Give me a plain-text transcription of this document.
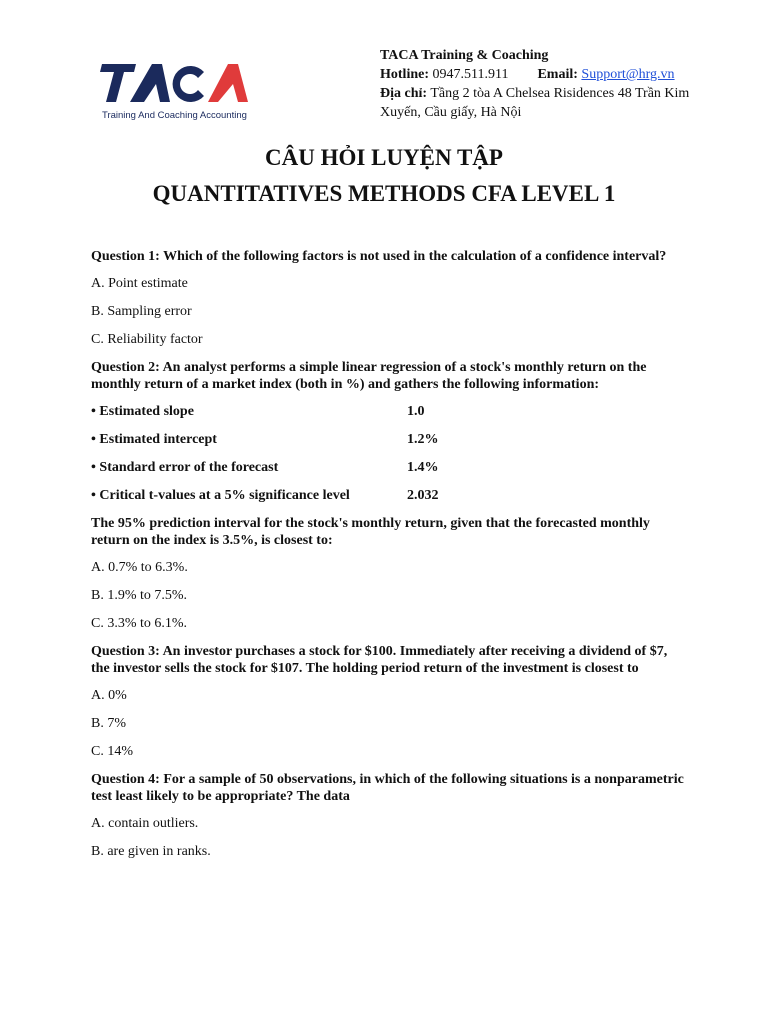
Training And Coaching Accounting
TACA Training & Coaching
Hotline: 0947.511.911 Email: Support@hrg.vn
Địa chỉ: Tầng 2 tòa A Chelsea Risidences 48 Trần Kim
Xuyến, Cầu giấy, Hà Nội
CÂU HỎI LUYỆN TẬP
QUANTITATIVES METHODS CFA LEVEL 1

Question 1: Which of the following factors is not used in the calculation of a confidence interval?

A. Point estimate

B. Sampling error

C. Reliability factor

Question 2: An analyst performs a simple linear regression of a stock's monthly return on the monthly return of a market index (both in %) and gathers the following information:

• Estimated slope	1.0
• Estimated intercept	1.2%
• Standard error of the forecast	1.4%
• Critical t-values at a 5% significance level	2.032

The 95% prediction interval for the stock's monthly return, given that the forecasted monthly return on the index is 3.5%, is closest to:

A. 0.7% to 6.3%.

B. 1.9% to 7.5%.

C. 3.3% to 6.1%.

Question 3: An investor purchases a stock for $100. Immediately after receiving a dividend of $7, the investor sells the stock for $107. The holding period return of the investment is closest to

A. 0%

B. 7%

C. 14%

Question 4: For a sample of 50 observations, in which of the following situations is a nonparametric test least likely to be appropriate? The data

A. contain outliers.

B. are given in ranks.
